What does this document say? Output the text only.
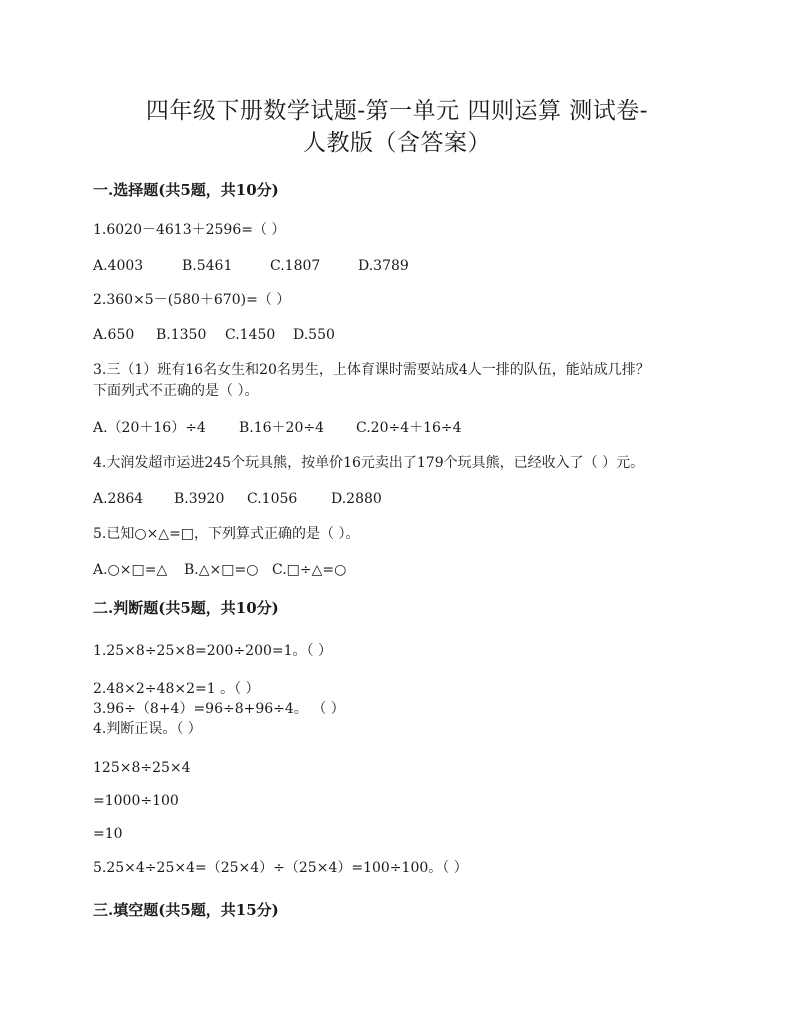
四年级下册数学试题-第一单元 四则运算 测试卷-
人教版（含答案）
一.选择题(共5题，共10分)
1.6020－4613＋2596=（ ）
A.4003	B.5461	C.1807	D.3789
2.360×5－(580＋670)=（ ）
A.650 B.1350 C.1450 D.550
3.三（1）班有16名女生和20名男生，上体育课时需要站成4人一排的队伍，能站成几排？
下面列式不正确的是（ ）。
A.（20＋16）÷4 B.16＋20÷4 C.20÷4＋16÷4
4.大润发超市运进245个玩具熊，按单价16元卖出了179个玩具熊，已经收入了（ ）元。
A.2864 B.3920 C.1056 D.2880
5.已知○×△=□，下列算式正确的是（ ）。
A.○×□=△ B.△×□=○ C.□÷△=○
二.判断题(共5题，共10分)
1.25×8÷25×8=200÷200=1。（ ）
2.48×2÷48×2=1 。（ ）
3.96÷（8+4）=96÷8+96÷4。 （ ）
4.判断正误。（ ）
125×8÷25×4
=1000÷100
=10
5.25×4÷25×4=（25×4）÷（25×4）=100÷100。（ ）
三.填空题(共5题，共15分)
